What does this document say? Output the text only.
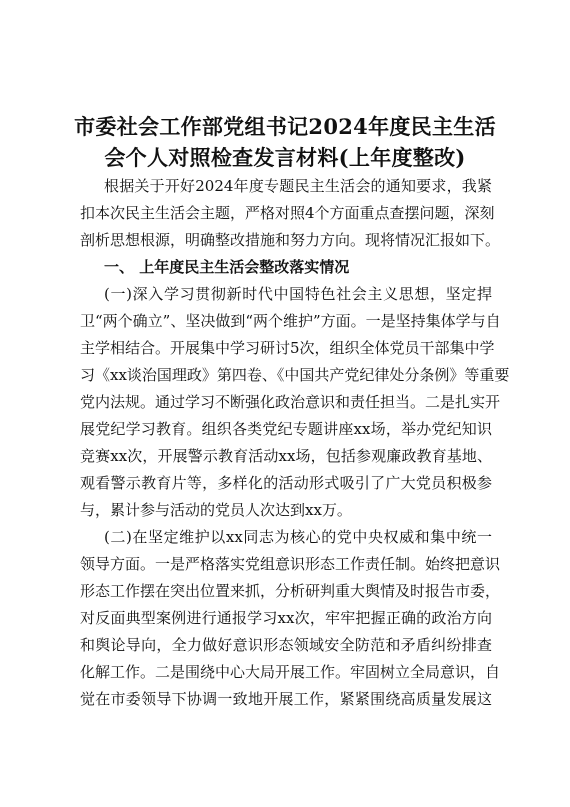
市委社会工作部党组书记2024年度民主生活
会个人对照检查发言材料(上年度整改)
根据关于开好2024年度专题民主生活会的通知要求，我紧
扣本次民主生活会主题，严格对照4个方面重点查摆问题，深刻
剖析思想根源，明确整改措施和努力方向。现将情况汇报如下。
一、 上年度民主生活会整改落实情况
(一)深入学习贯彻新时代中国特色社会主义思想，坚定捍
卫“两个确立”、坚决做到“两个维护”方面。一是坚持集体学与自
主学相结合。开展集中学习研讨5次，组织全体党员干部集中学
习《xx谈治国理政》第四卷、《中国共产党纪律处分条例》等重要
党内法规。通过学习不断强化政治意识和责任担当。二是扎实开
展党纪学习教育。组织各类党纪专题讲座xx场，举办党纪知识
竞赛xx次，开展警示教育活动xx场，包括参观廉政教育基地、
观看警示教育片等，多样化的活动形式吸引了广大党员积极参
与，累计参与活动的党员人次达到xx万。
(二)在坚定维护以xx同志为核心的党中央权威和集中统一
领导方面。一是严格落实党组意识形态工作责任制。始终把意识
形态工作摆在突出位置来抓，分析研判重大舆情及时报告市委，
对反面典型案例进行通报学习xx次，牢牢把握正确的政治方向
和舆论导向，全力做好意识形态领域安全防范和矛盾纠纷排查
化解工作。二是围绕中心大局开展工作。牢固树立全局意识，自
觉在市委领导下协调一致地开展工作，紧紧围绕高质量发展这
